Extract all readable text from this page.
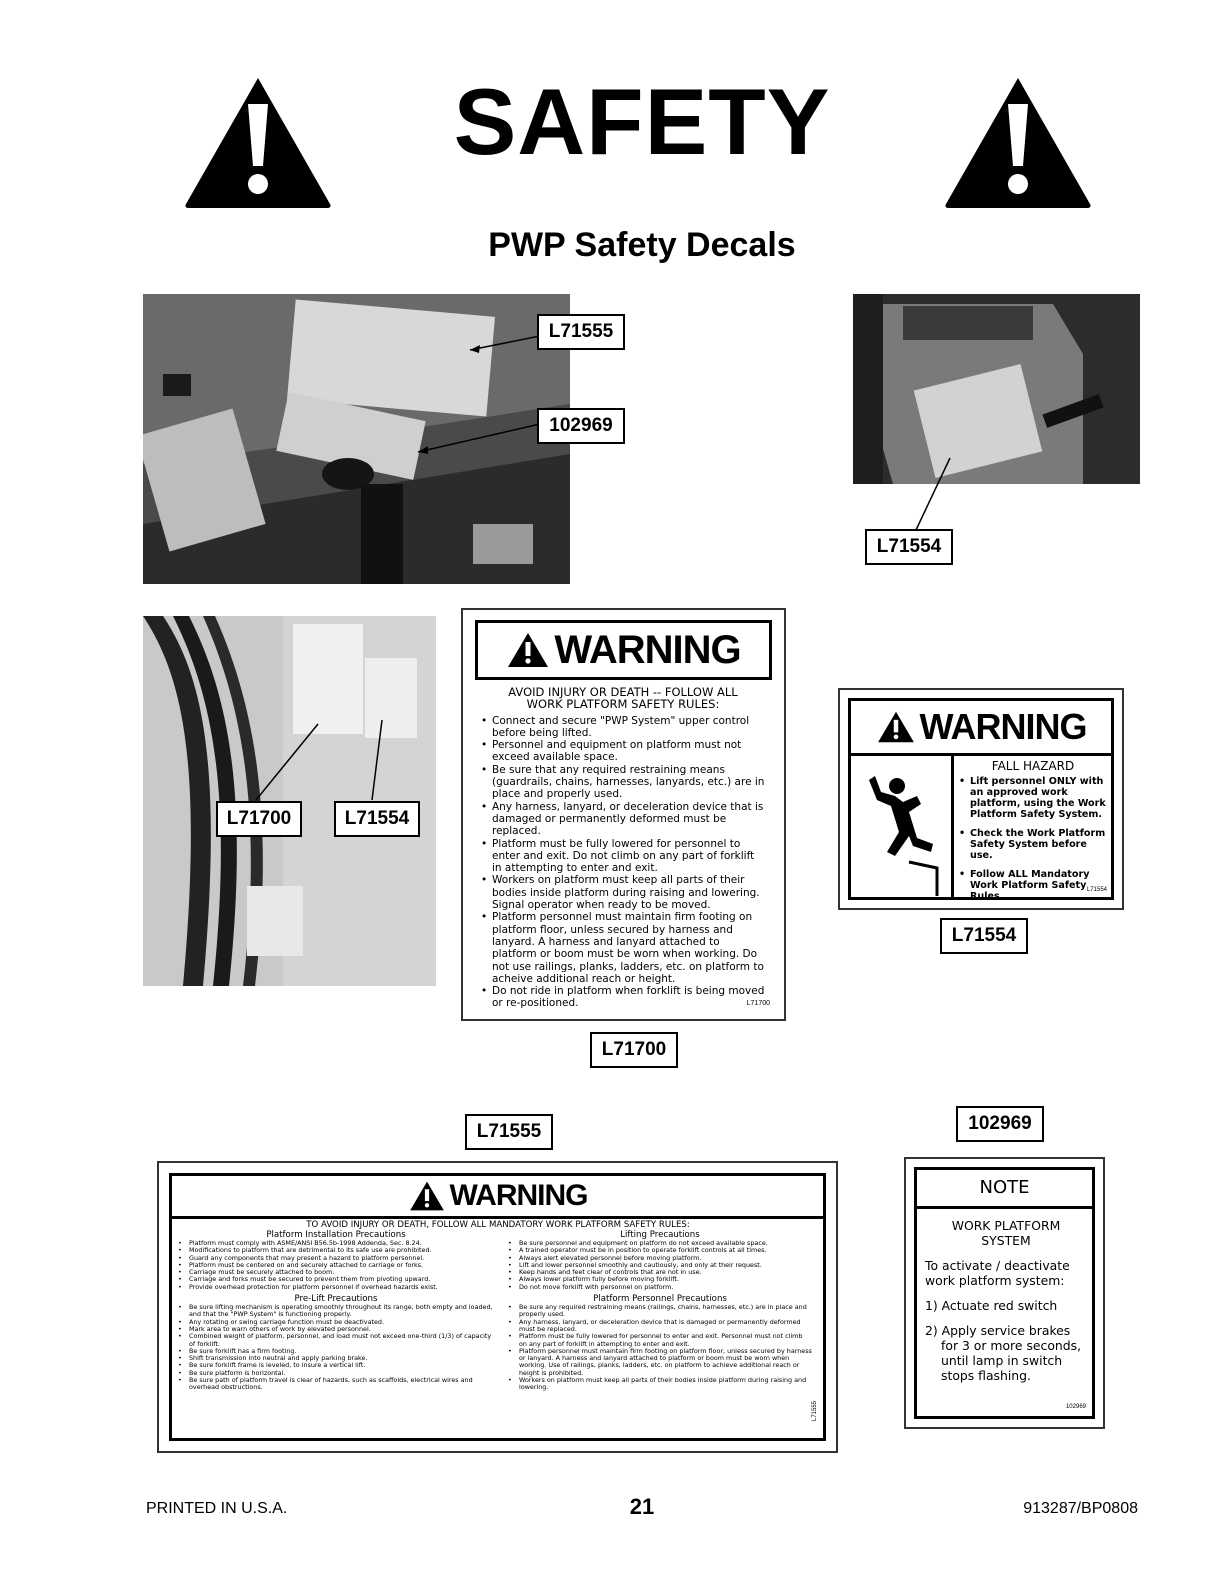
SAFETY
PWP Safety Decals
L71555
102969
L71554
L71700	L71554
L71554
L71700
L71555	102969
WARNING
AVOID INJURY OR DEATH -- FOLLOW ALL WORK PLATFORM SAFETY RULES:
• Connect and secure "PWP System" upper control before being lifted.
• Personnel and equipment on platform must not exceed available space.
• Be sure that any required restraining means (guardrails, chains, harnesses, lanyards, etc.) are in place and properly used.
• Any harness, lanyard, or deceleration device that is damaged or permanently deformed must be replaced.
• Platform must be fully lowered for personnel to enter and exit. Do not climb on any part of forklift in attempting to enter and exit.
• Workers on platform must keep all parts of their bodies inside platform during raising and lowering. Signal operator when ready to be moved.
• Platform personnel must maintain firm footing on platform floor, unless secured by harness and lanyard. A harness and lanyard attached to platform or boom must be worn when working. Do not use railings, planks, ladders, etc. on platform to acheive additional reach or height.
• Do not ride in platform when forklift is being moved or re-positioned.	L71700
WARNING
FALL HAZARD
• Lift personnel ONLY with an approved work platform, using the Work Platform Safety System.
• Check the Work Platform Safety System before use.
• Follow ALL Mandatory Work Platform Safety Rules.
L71554
WARNING
TO AVOID INJURY OR DEATH, FOLLOW ALL MANDATORY WORK PLATFORM SAFETY RULES:
Platform Installation Precautions
• Platform must comply with ASME/ANSI B56.5b-1998 Addenda, Sec. 8.24.
• Modifications to platform that are detrimental to its safe use are prohibited.
• Guard any components that may present a hazard to platform personnel.
• Platform must be centered on and securely attached to carriage or forks.
• Carriage must be securely attached to boom.
• Carriage and forks must be secured to prevent them from pivoting upward.
• Provide overhead protection for platform personnel if overhead hazards exist.
Pre-Lift Precautions
• Be sure lifting mechanism is operating smoothly throughout its range, both empty and loaded, and that the "PWP System" is functioning properly.
• Any rotating or swing carriage function must be deactivated.
• Mark area to warn others of work by elevated personnel.
• Combined weight of platform, personnel, and load must not exceed one-third (1/3) of capacity of forklift.
• Be sure forklift has a firm footing.
• Shift transmission into neutral and apply parking brake.
• Be sure forklift frame is leveled, to insure a vertical lift.
• Be sure platform is horizontal.
• Be sure path of platform travel is clear of hazards, such as scaffolds, electrical wires and overhead obstructions.
Lifting Precautions
• Be sure personnel and equipment on platform do not exceed available space.
• A trained operator must be in position to operate forklift controls at all times.
• Always alert elevated personnel before moving platform.
• Lift and lower personnel smoothly and cautiously, and only at their request.
• Keep hands and feet clear of controls that are not in use.
• Always lower platform fully before moving forklift.
• Do not move forklift with personnel on platform.
Platform Personnel Precautions
• Be sure any required restraining means (railings, chains, harnesses, etc.) are in place and properly used.
• Any harness, lanyard, or deceleration device that is damaged or permanently deformed must be replaced.
• Platform must be fully lowered for personnel to enter and exit. Personnel must not climb on any part of forklift in attempting to enter and exit.
• Platform personnel must maintain firm footing on platform floor, unless secured by harness or lanyard. A harness and lanyard attached to platform or boom must be worn when working. Use of railings, planks, ladders, etc. on platform to achieve additional reach or height is prohibited.
• Workers on platform must keep all parts of their bodies inside platform during raising and lowering.
L71555
NOTE
WORK PLATFORM SYSTEM
To activate / deactivate work platform system:
1) Actuate red switch
2) Apply service brakes for 3 or more seconds, until lamp in switch stops flashing.
102969
PRINTED IN U.S.A.	21	913287/BP0808
